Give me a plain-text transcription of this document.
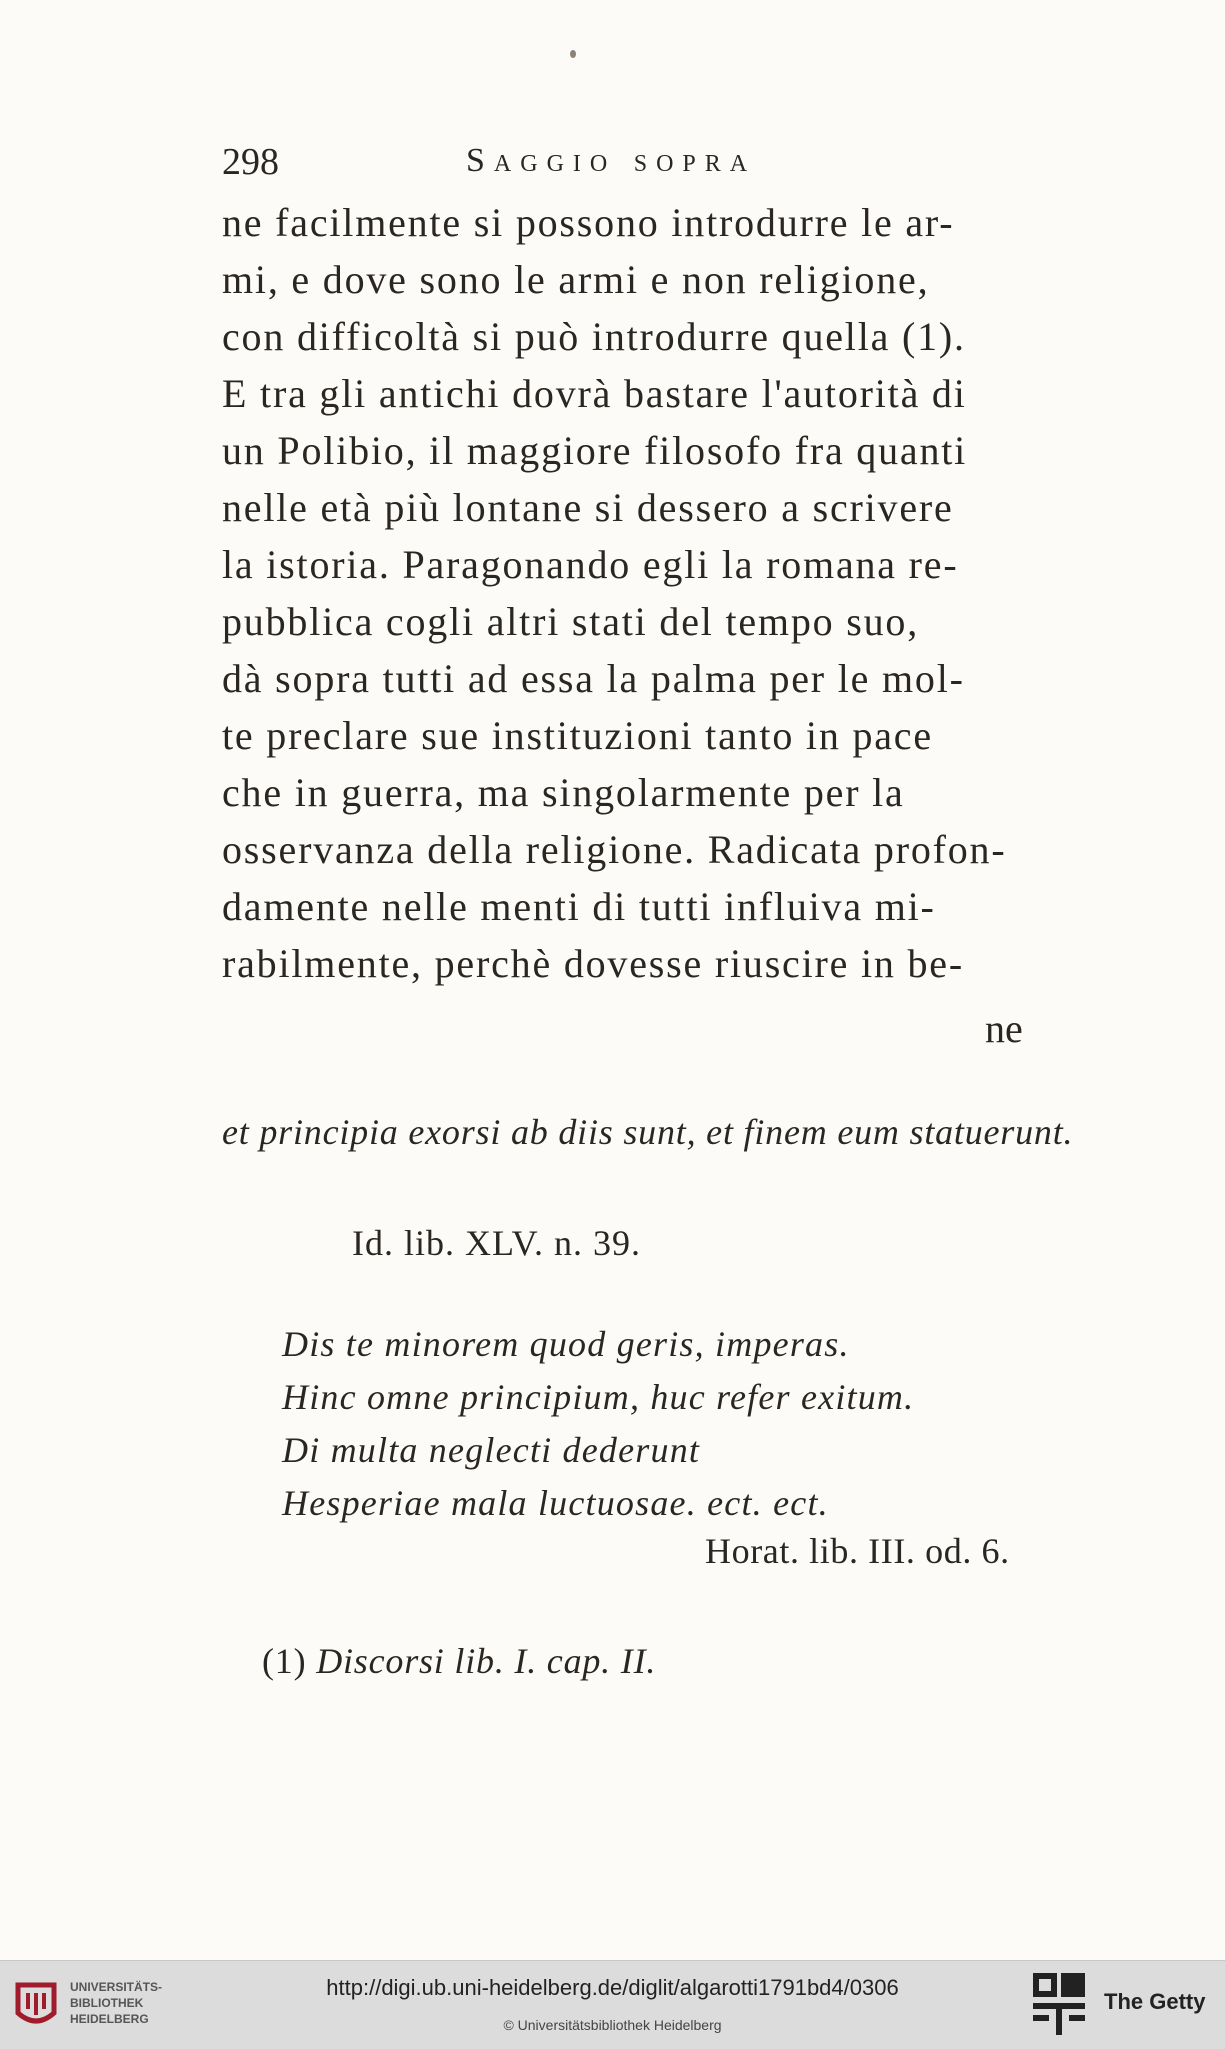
298	Saggio sopra
ne facilmente si possono introdurre le ar-
mi, e dove sono le armi e non religione,
con difficoltà si può introdurre quella (1).
E tra gli antichi dovrà bastare l'autorità di
un Polibio, il maggiore filosofo fra quanti
nelle età più lontane si dessero a scrivere
la istoria. Paragonando egli la romana re-
pubblica cogli altri stati del tempo suo,
dà sopra tutti ad essa la palma per le mol-
te preclare sue instituzioni tanto in pace
che in guerra, ma singolarmente per la
osservanza della religione. Radicata profon-
damente nelle menti di tutti influiva mi-
rabilmente, perchè dovesse riuscire in be-
ne
et principia exorsi ab diis sunt, et finem eum statuerunt.
Id. lib. XLV. n. 39.
Dis te minorem quod geris, imperas.
Hinc omne principium, huc refer exitum.
Di multa neglecti dederunt
Hesperiae mala luctuosae. ect. ect.
Horat. lib. III. od. 6.
(1) Discorsi lib. I. cap. II.
UNIVERSITÄTS-
BIBLIOTHEK
HEIDELBERG
http://digi.ub.uni-heidelberg.de/diglit/algarotti1791bd4/0306
© Universitätsbibliothek Heidelberg
The Getty
